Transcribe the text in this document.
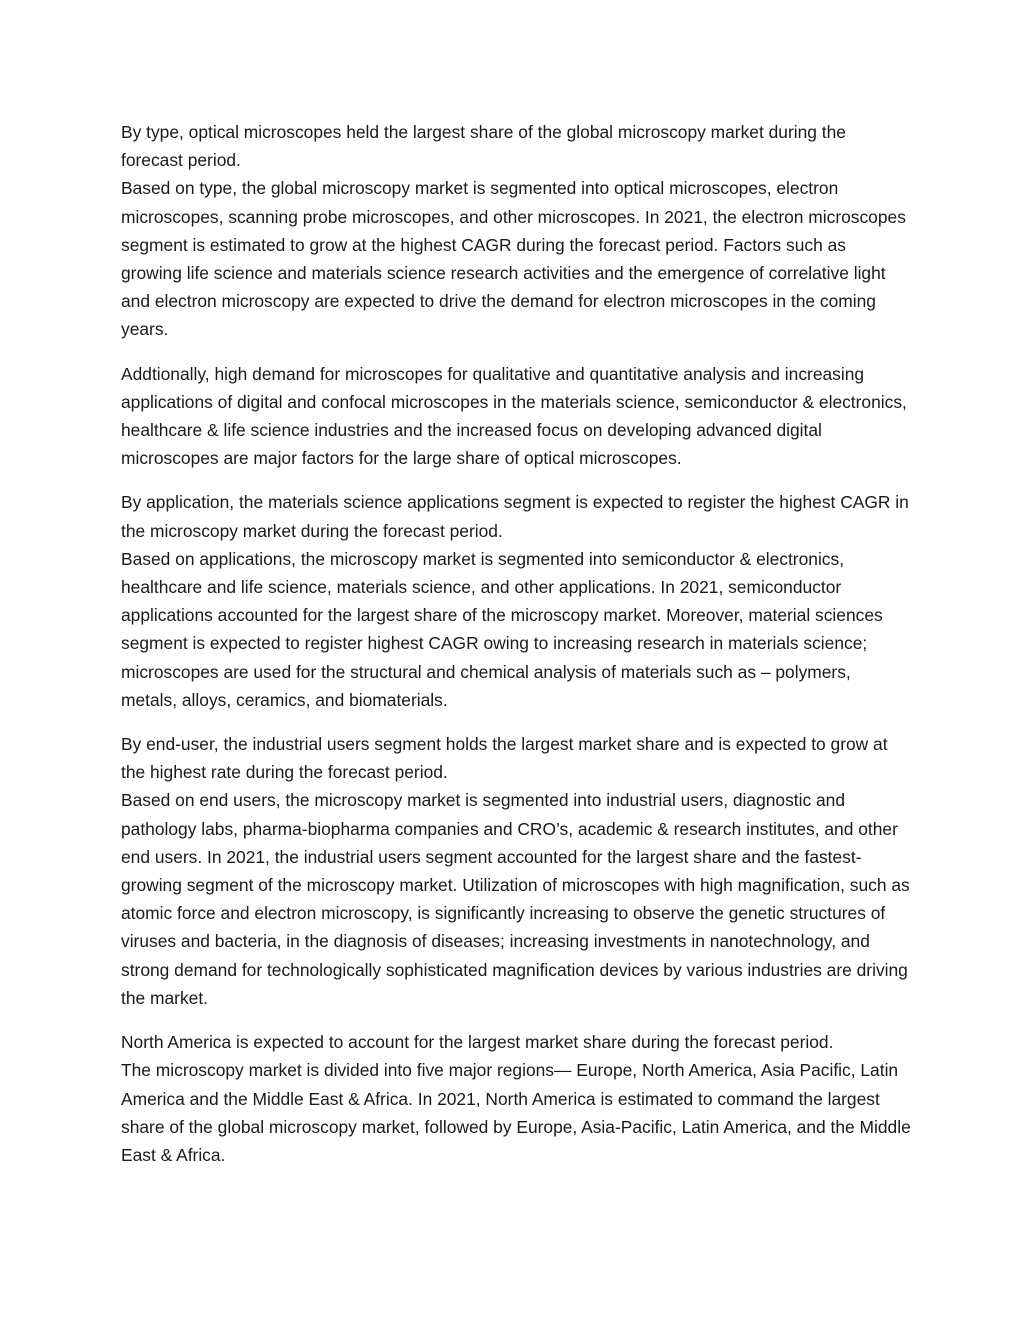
By type, optical microscopes held the largest share of the global microscopy market during the forecast period.

Based on type, the global microscopy market is segmented into optical microscopes, electron microscopes, scanning probe microscopes, and other microscopes. In 2021, the electron microscopes segment is estimated to grow at the highest CAGR during the forecast period. Factors such as growing life science and materials science research activities and the emergence of correlative light and electron microscopy are expected to drive the demand for electron microscopes in the coming years.

Addtionally, high demand for microscopes for qualitative and quantitative analysis and increasing applications of digital and confocal microscopes in the materials science, semiconductor & electronics, healthcare & life science industries and the increased focus on developing advanced digital microscopes are major factors for the large share of optical microscopes.

By application, the materials science applications segment is expected to register the highest CAGR in the microscopy market during the forecast period.

Based on applications, the microscopy market is segmented into semiconductor & electronics, healthcare and life science, materials science, and other applications. In 2021, semiconductor applications accounted for the largest share of the microscopy market. Moreover, material sciences segment is expected to register highest CAGR owing to increasing research in materials science; microscopes are used for the structural and chemical analysis of materials such as – polymers, metals, alloys, ceramics, and biomaterials.

By end-user, the industrial users segment holds the largest market share and is expected to grow at the highest rate during the forecast period.

Based on end users, the microscopy market is segmented into industrial users, diagnostic and pathology labs, pharma-biopharma companies and CRO’s, academic & research institutes, and other end users. In 2021, the industrial users segment accounted for the largest share and the fastest-growing segment of the microscopy market. Utilization of microscopes with high magnification, such as atomic force and electron microscopy, is significantly increasing to observe the genetic structures of viruses and bacteria, in the diagnosis of diseases; increasing investments in nanotechnology, and strong demand for technologically sophisticated magnification devices by various industries are driving the market.

North America is expected to account for the largest market share during the forecast period.

The microscopy market is divided into five major regions— Europe, North America, Asia Pacific, Latin America and the Middle East & Africa. In 2021, North America is estimated to command the largest share of the global microscopy market, followed by Europe, Asia-Pacific, Latin America, and the Middle East & Africa.
